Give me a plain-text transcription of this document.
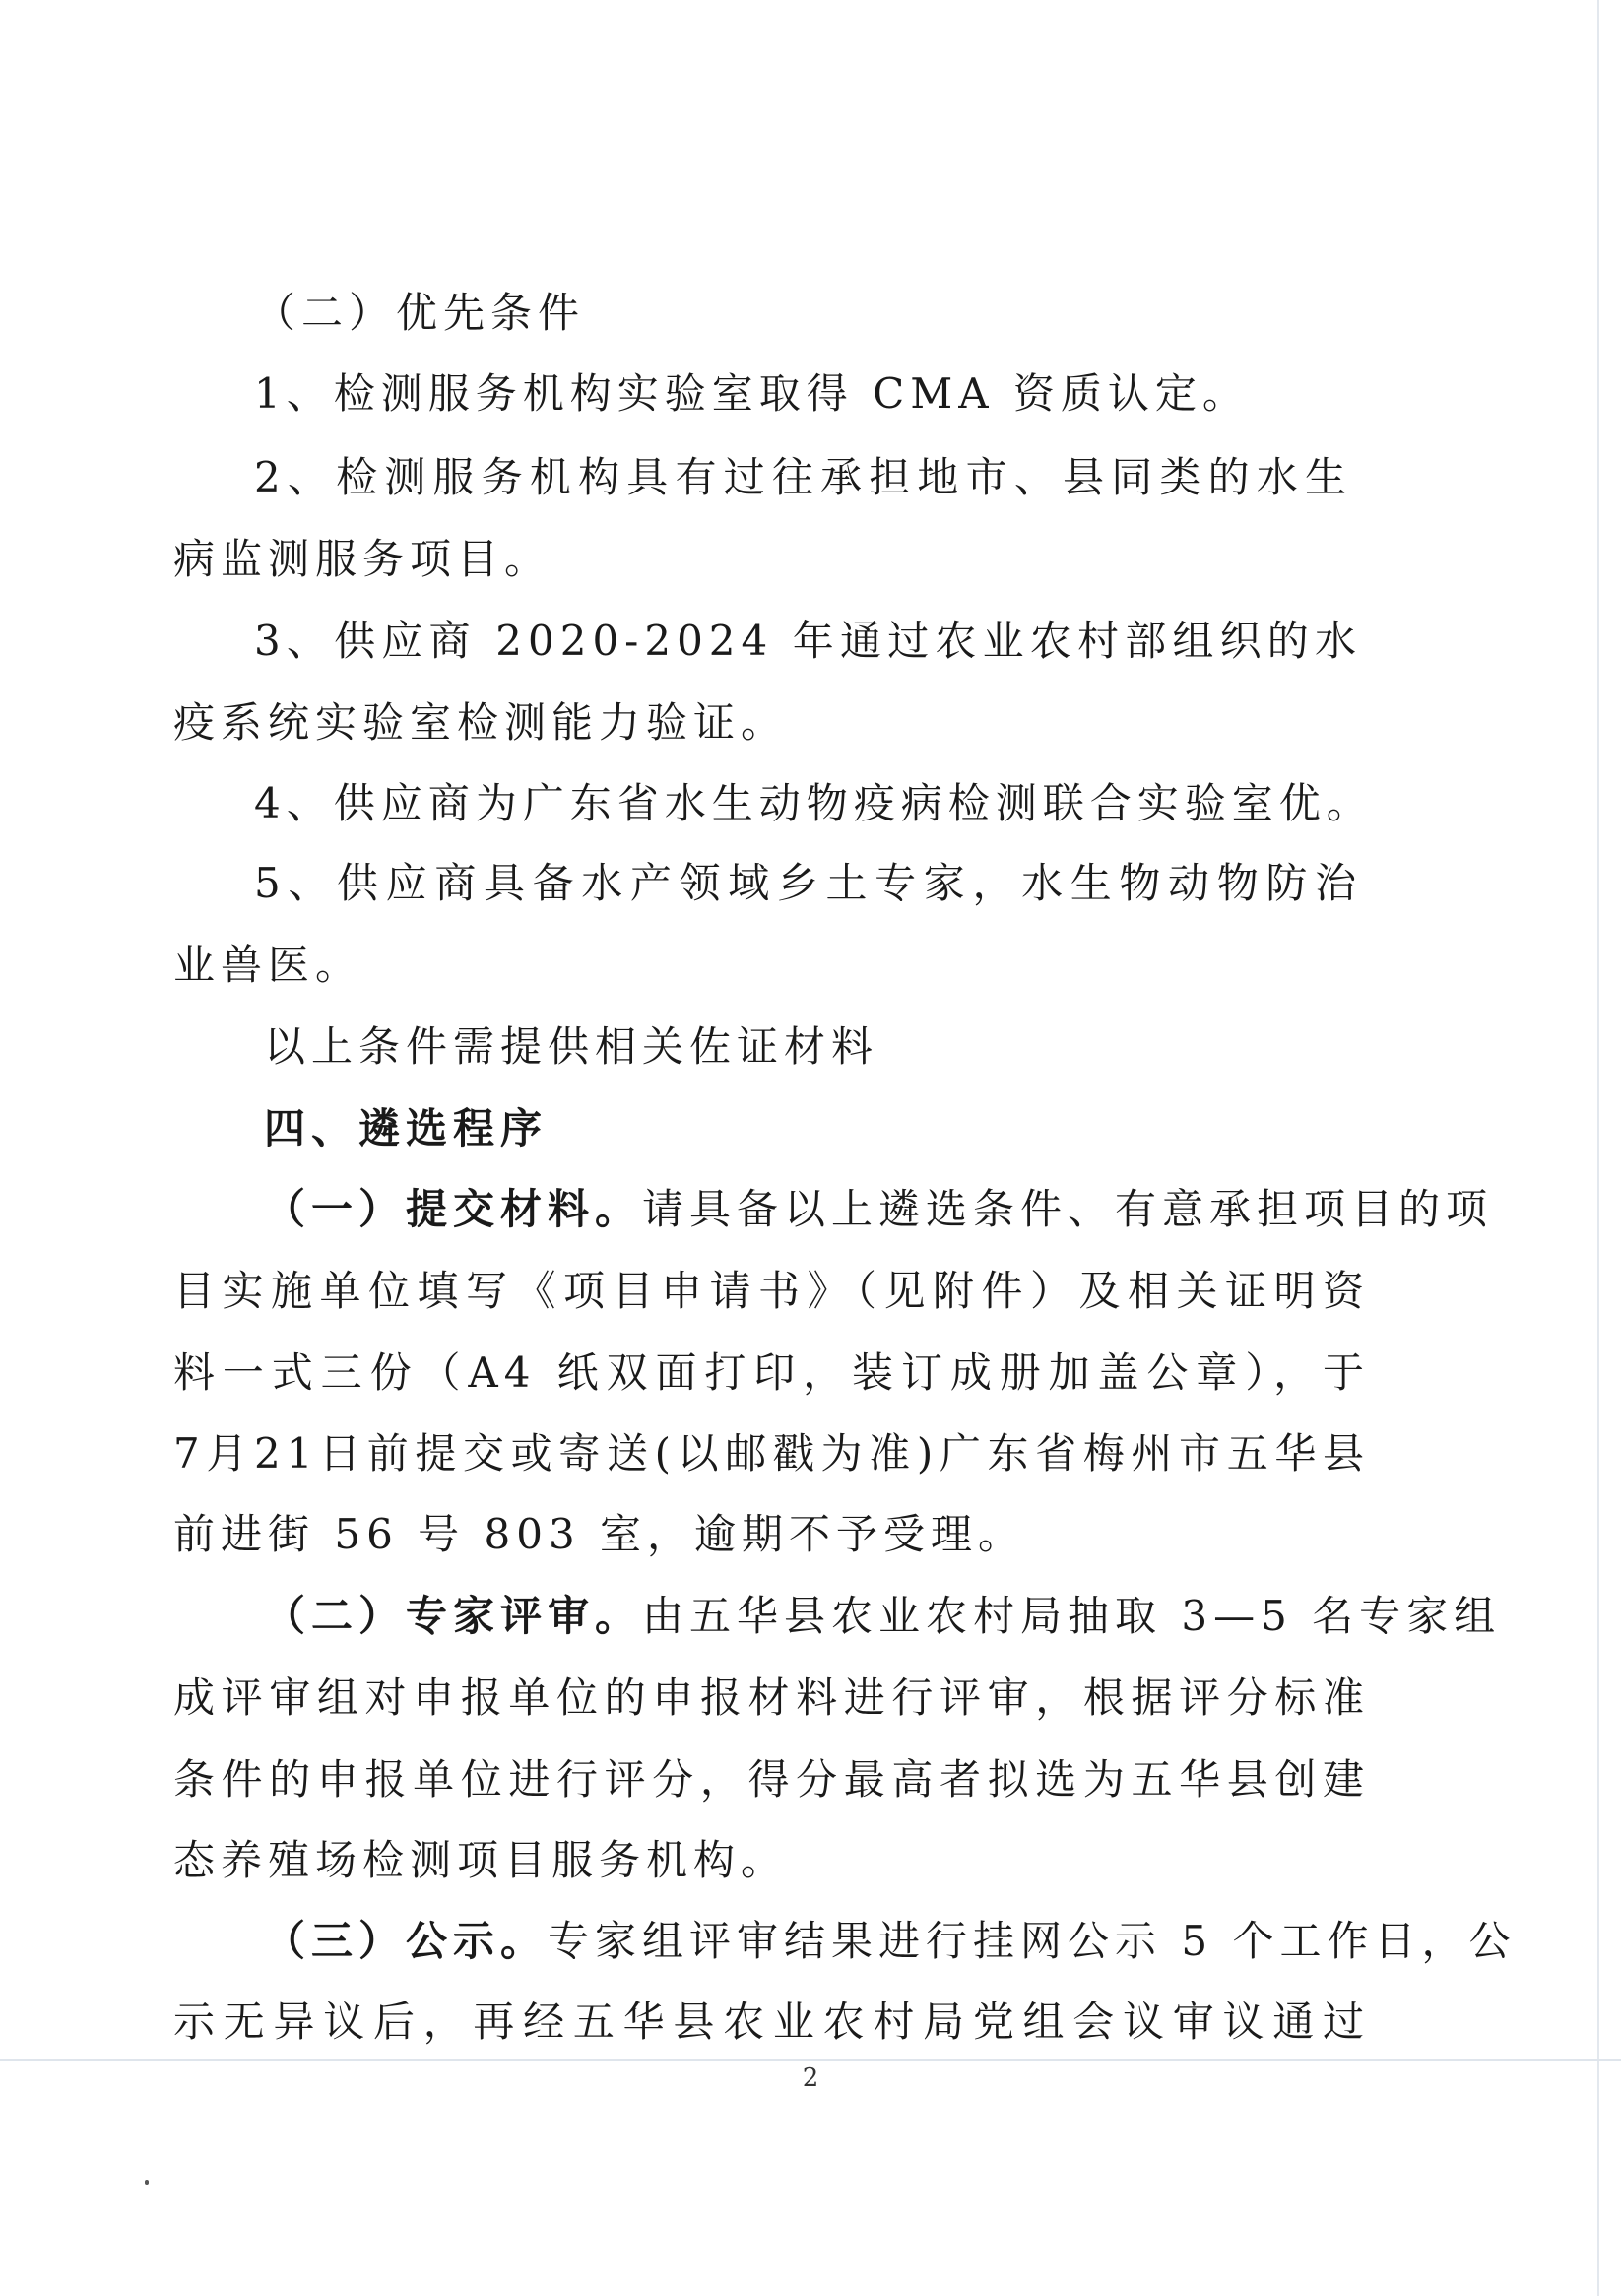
（二）优先条件

1、检测服务机构实验室取得 CMA 资质认定。

2、检测服务机构具有过往承担地市、县同类的水生

病监测服务项目。

3、供应商 2020-2024 年通过农业农村部组织的水

疫系统实验室检测能力验证。

4、供应商为广东省水生动物疫病检测联合实验室优。

5、供应商具备水产领域乡土专家，水生物动物防治

业兽医。

以上条件需提供相关佐证材料

四、遴选程序

（一）提交材料。请具备以上遴选条件、有意承担项目的项

目实施单位填写《项目申请书》（见附件）及相关证明资

料一式三份（A4 纸双面打印，装订成册加盖公章），于

7月21日前提交或寄送(以邮戳为准)广东省梅州市五华县

前进街 56 号 803 室，逾期不予受理。

（二）专家评审。由五华县农业农村局抽取 3—5 名专家组

成评审组对申报单位的申报材料进行评审，根据评分标准

条件的申报单位进行评分，得分最高者拟选为五华县创建

态养殖场检测项目服务机构。

（三）公示。专家组评审结果进行挂网公示 5 个工作日，公

示无异议后，再经五华县农业农村局党组会议审议通过

2
